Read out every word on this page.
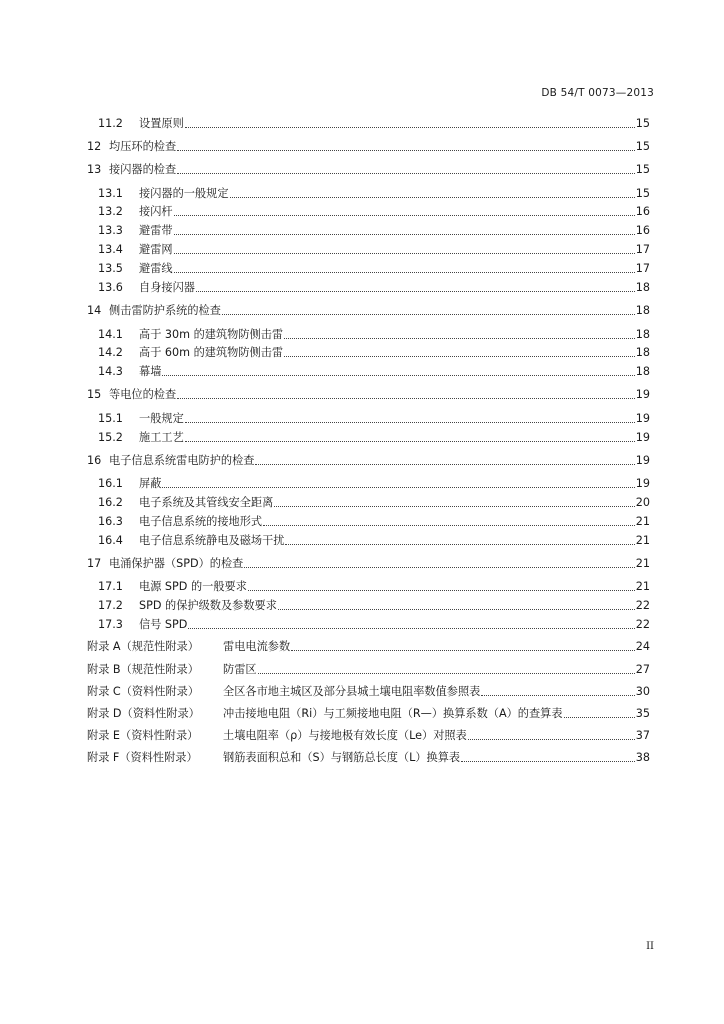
DB 54/T 0073—2013
11.2	设置原则	15
12 均压环的检查	15
13 接闪器的检查	15
13.1	接闪器的一般规定	15
13.2	接闪杆	16
13.3	避雷带	16
13.4	避雷网	17
13.5	避雷线	17
13.6	自身接闪器	18
14 侧击雷防护系统的检查	18
14.1	高于 30m 的建筑物防侧击雷	18
14.2	高于 60m 的建筑物防侧击雷	18
14.3	幕墙	18
15 等电位的检查	19
15.1	一般规定	19
15.2	施工工艺	19
16 电子信息系统雷电防护的检查	19
16.1	屏蔽	19
16.2	电子系统及其管线安全距离	20
16.3	电子信息系统的接地形式	21
16.4	电子信息系统静电及磁场干扰	21
17 电涌保护器（SPD）的检查	21
17.1	电源 SPD 的一般要求	21
17.2	SPD 的保护级数及参数要求	22
17.3	信号 SPD	22
附录 A（规范性附录）	雷电电流参数	24
附录 B（规范性附录）	防雷区	27
附录 C（资料性附录）	全区各市地主城区及部分县城土壤电阻率数值参照表	30
附录 D（资料性附录）	冲击接地电阻（Ri）与工频接地电阻（R—）换算系数（A）的查算表	35
附录 E（资料性附录）	土壤电阻率（ρ）与接地极有效长度（Le）对照表	37
附录 F（资料性附录）	钢筋表面积总和（S）与钢筋总长度（L）换算表	38
II
